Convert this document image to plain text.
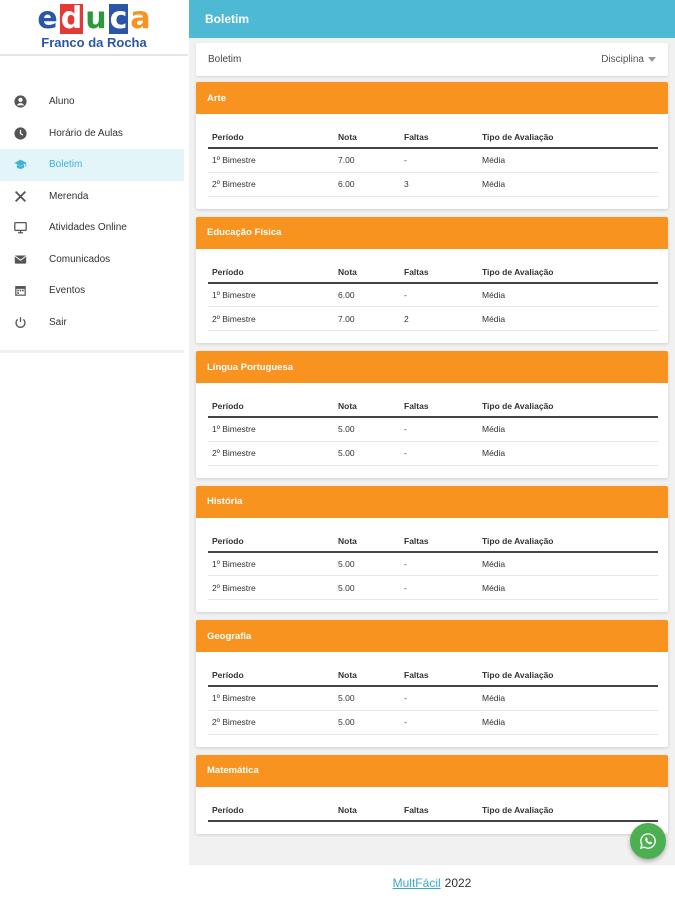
e d u c a
Franco da Rocha
Aluno
Horário de Aulas
Boletim
Merenda
Atividades Online
Comunicados
Eventos
Sair
Boletim
Boletim	Disciplina
Arte
Período	Nota	Faltas	Tipo de Avaliação
1º Bimestre	7.00	-	Média
2º Bimestre	6.00	3	Média
Educação Física
Período	Nota	Faltas	Tipo de Avaliação
1º Bimestre	6.00	-	Média
2º Bimestre	7.00	2	Média
Língua Portuguesa
Período	Nota	Faltas	Tipo de Avaliação
1º Bimestre	5.00	-	Média
2º Bimestre	5.00	-	Média
História
Período	Nota	Faltas	Tipo de Avaliação
1º Bimestre	5.00	-	Média
2º Bimestre	5.00	-	Média
Geografia
Período	Nota	Faltas	Tipo de Avaliação
1º Bimestre	5.00	-	Média
2º Bimestre	5.00	-	Média
Matemática
Período	Nota	Faltas	Tipo de Avaliação
MultFácil 2022
